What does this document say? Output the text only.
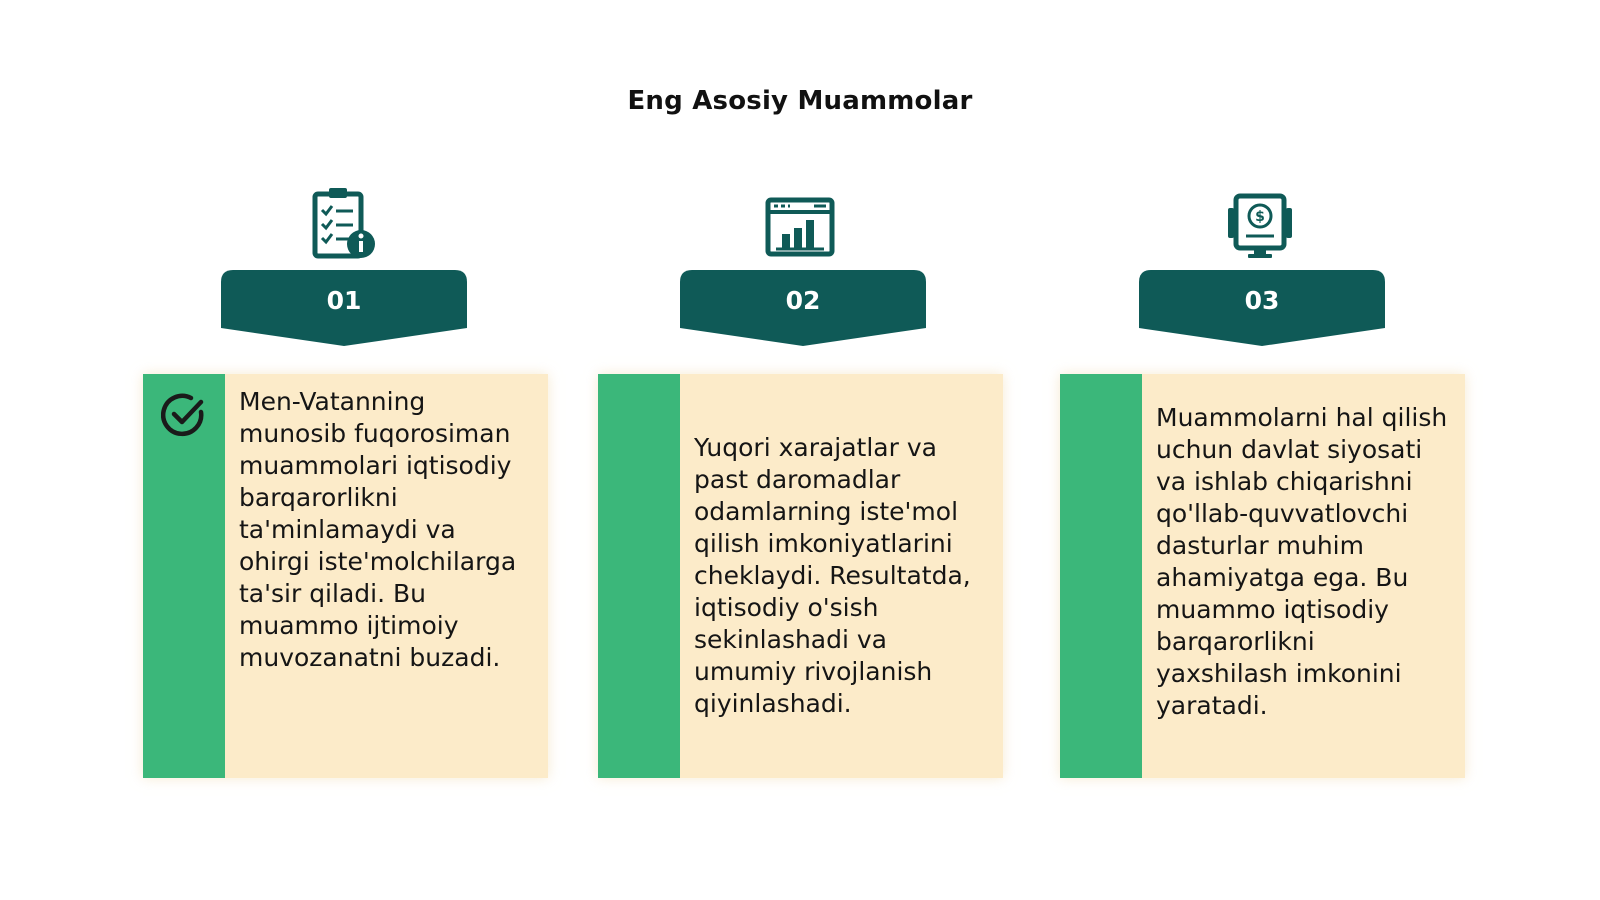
Eng Asosiy Muammolar
01
Men-Vatanning munosib fuqorosiman muammolari iqtisodiy barqarorlikni ta'minlamaydi va ohirgi iste'molchilarga ta'sir qiladi. Bu muammo ijtimoiy muvozanatni buzadi.
02
Yuqori xarajatlar va past daromadlar odamlarning iste'mol qilish imkoniyatlarini cheklaydi. Resultatda, iqtisodiy o'sish sekinlashadi va umumiy rivojlanish qiyinlashadi.
$
03
Muammolarni hal qilish uchun davlat siyosati va ishlab chiqarishni qo'llab-quvvatlovchi dasturlar muhim ahamiyatga ega. Bu muammo iqtisodiy barqarorlikni yaxshilash imkonini yaratadi.
